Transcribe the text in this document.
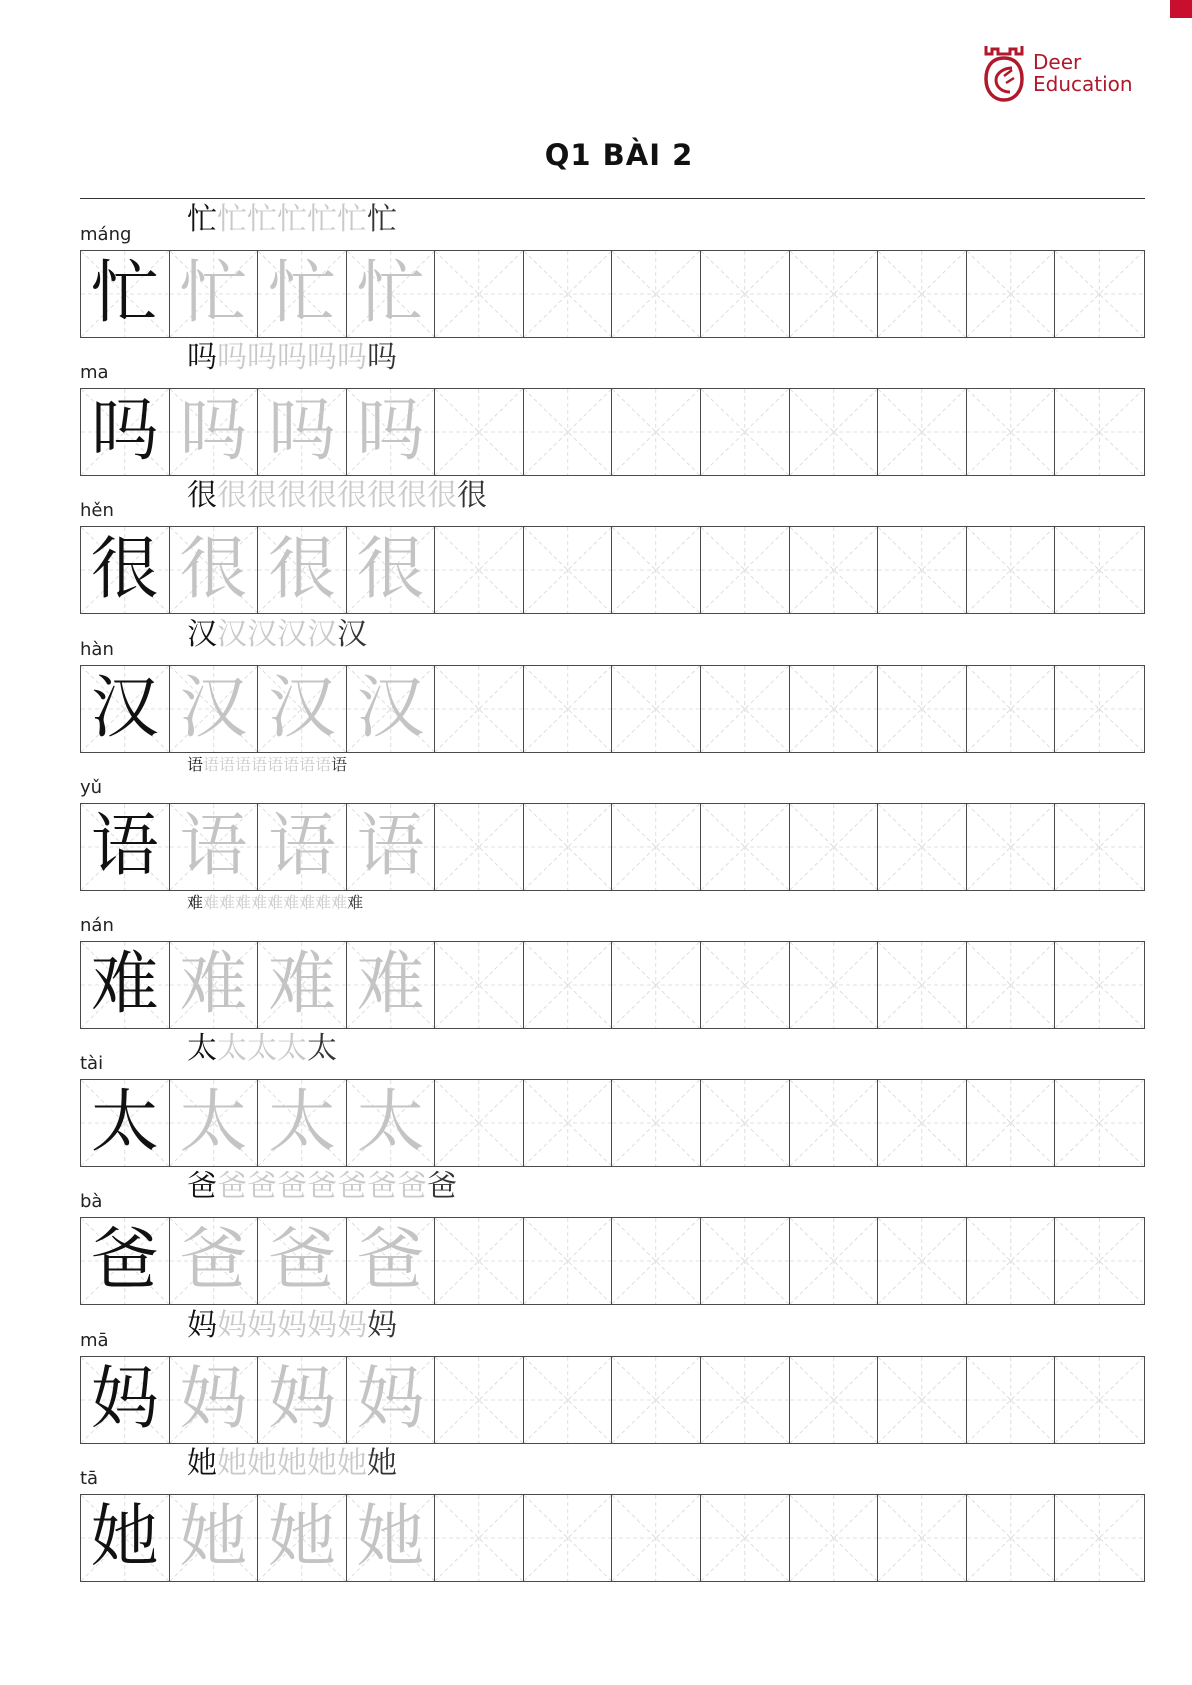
Deer
Education
Q1 BÀI 2
máng 忙忙忙忙忙忙忙
忙 忙 忙 忙
ma	吗吗吗吗吗吗吗
吗 吗 吗 吗
hěn 很很很很很很很很很很
很 很 很 很
hàn 汉汉汉汉汉汉
汉 汉 汉 汉
yǔ
语语语语语语语语语语
语 语 语 语
nán
难难难难难难难难难难难
难 难 难 难
tài	太太太太太
太 太 太 太
bà	爸爸爸爸爸爸爸爸爸
爸 爸 爸 爸
mā	妈妈妈妈妈妈妈
妈 妈 妈 妈
tā	她她她她她她她
她 她 她 她
